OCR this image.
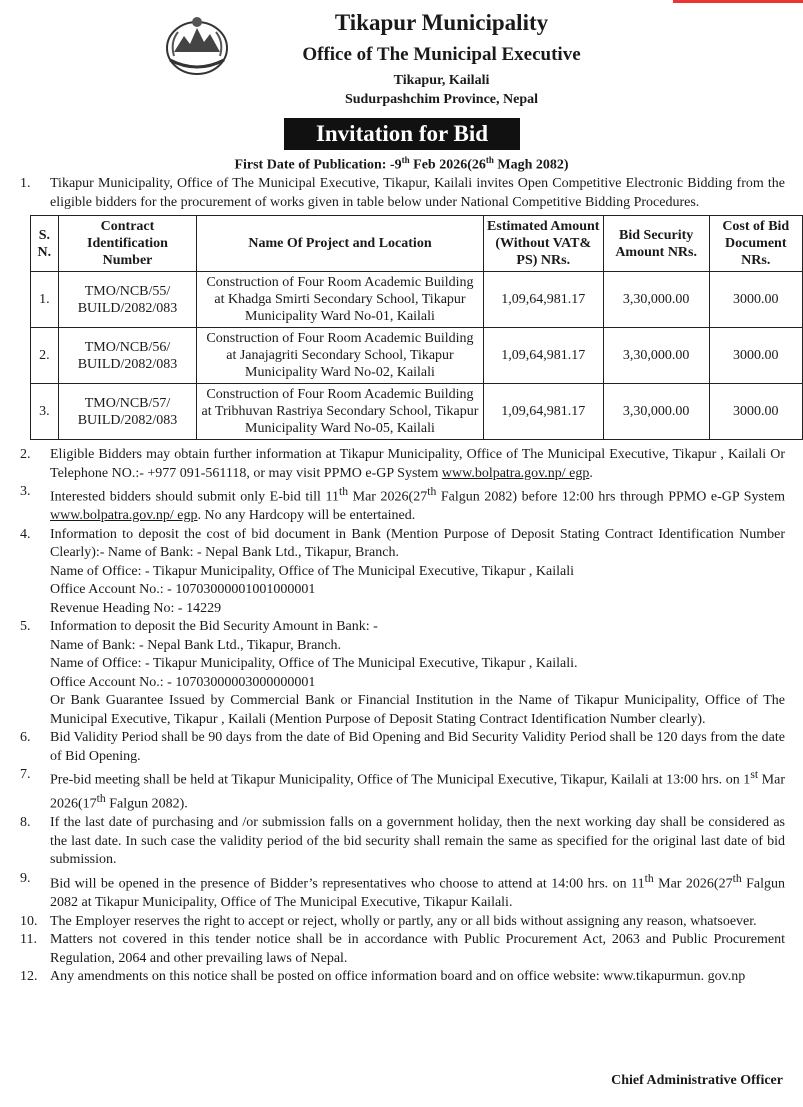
Tikapur Municipality
Office of The Municipal Executive
Tikapur, Kailali
Sudurpashchim Province, Nepal
Invitation for Bid
First Date of Publication: -9th Feb 2026(26th Magh 2082)
1.	Tikapur Municipality, Office of The Municipal Executive, Tikapur, Kailali invites Open Competitive Electronic Bidding from the eligible bidders for the procurement of works given in table below under National Competitive Bidding Procedures.
S. N.	Contract Identification Number	Name Of Project and Location	Estimated Amount (Without VAT& PS) NRs.	Bid Security Amount NRs.	Cost of Bid Document NRs.
1.	TMO/NCB/55/ BUILD/2082/083	Construction of Four Room Academic Building at Khadga Smirti Secondary School, Tikapur Municipality Ward No-01, Kailali	1,09,64,981.17	3,30,000.00	3000.00
2.	TMO/NCB/56/ BUILD/2082/083	Construction of Four Room Academic Building at Janajagriti Secondary School, Tikapur Municipality Ward No-02, Kailali	1,09,64,981.17	3,30,000.00	3000.00
3.	TMO/NCB/57/ BUILD/2082/083	Construction of Four Room Academic Building at Tribhuvan Rastriya Secondary School, Tikapur Municipality Ward No-05, Kailali	1,09,64,981.17	3,30,000.00	3000.00
2.	Eligible Bidders may obtain further information at Tikapur Municipality, Office of The Municipal Executive, Tikapur , Kailali Or Telephone NO.:- +977 091-561118, or may visit PPMO e-GP System www.bolpatra.gov.np/ egp.
3.	Interested bidders should submit only E-bid till 11th Mar 2026(27th Falgun 2082) before 12:00 hrs through PPMO e-GP System www.bolpatra.gov.np/ egp. No any Hardcopy will be entertained.
4.	Information to deposit the cost of bid document in Bank (Mention Purpose of Deposit Stating Contract Identification Number Clearly):- Name of Bank: - Nepal Bank Ltd., Tikapur, Branch.
Name of Office: - Tikapur Municipality, Office of The Municipal Executive, Tikapur , Kailali
Office Account No.: - 10703000001001000001
Revenue Heading No: - 14229
5.	Information to deposit the Bid Security Amount in Bank: -
Name of Bank: - Nepal Bank Ltd., Tikapur, Branch.
Name of Office: - Tikapur Municipality, Office of The Municipal Executive, Tikapur , Kailali.
Office Account No.: - 10703000003000000001
Or Bank Guarantee Issued by Commercial Bank or Financial Institution in the Name of Tikapur Municipality, Office of The Municipal Executive, Tikapur , Kailali (Mention Purpose of Deposit Stating Contract Identification Number clearly).
6.	Bid Validity Period shall be 90 days from the date of Bid Opening and Bid Security Validity Period shall be 120 days from the date of Bid Opening.
7.	Pre-bid meeting shall be held at Tikapur Municipality, Office of The Municipal Executive, Tikapur, Kailali at 13:00 hrs. on 1st Mar 2026(17th Falgun 2082).
8.	If the last date of purchasing and /or submission falls on a government holiday, then the next working day shall be considered as the last date. In such case the validity period of the bid security shall remain the same as specified for the original last date of bid submission.
9.	Bid will be opened in the presence of Bidder’s representatives who choose to attend at 14:00 hrs. on 11th Mar 2026(27th Falgun 2082 at Tikapur Municipality, Office of The Municipal Executive, Tikapur Kailali.
10. The Employer reserves the right to accept or reject, wholly or partly, any or all bids without assigning any reason, whatsoever.
11. Matters not covered in this tender notice shall be in accordance with Public Procurement Act, 2063 and Public Procurement Regulation, 2064 and other prevailing laws of Nepal.
12. Any amendments on this notice shall be posted on office information board and on office website: www.tikapurmun. gov.np
Chief Administrative Officer
